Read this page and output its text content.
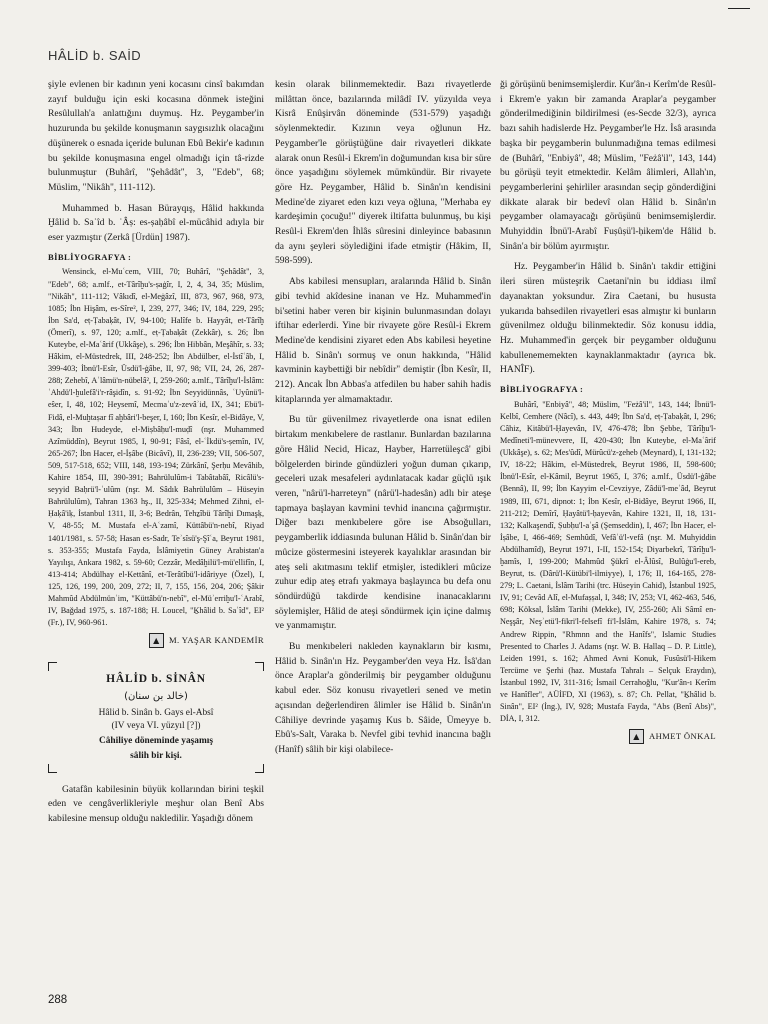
HÂLİD b. SAİD

şiyle evlenen bir kadının yeni kocasını cinsî bakımdan zayıf bulduğu için eski kocasına dönmek isteğini Resûlullah'a anlattığını duymuş. Hz. Peygamber'in huzurunda bu şekilde konuşmanın saygısızlık olacağını düşünerek o esnada içeride bulunan Ebû Bekir'e kadının bu şekilde konuşmasına engel olmadığı için tâ-rizde bulunmuştur (Buhârî, "Şehâdât", 3, "Edeb", 68; Müslim, "Nikâh", 111-112).

Muhammed b. Hasan Bürayqış, Hâlid hakkında Ḫâlid b. Saʿîd b. ʿÂṣ: es-ṣaḥâbî el-mücâhid adıyla bir eser yazmıştır (Zerkâ [Ürdün] 1987).

BİBLİYOGRAFYA :

Wensinck, el-Muʿcem, VIII, 70; Buhârî, "Şehâdât", 3, "Edeb", 68; a.mlf., et-Târîḫu's-ṣaġîr, I, 2, 4, 34, 35; Müslim, "Nikâh", 111-112; Vâkıdî, el-Meġâzî, III, 873, 967, 968, 973, 1085; İbn Hişâm, es-Sîre², I, 239, 277, 346; IV, 184, 229, 295; İbn Sa'd, eṭ-Ṭabaḳât, IV, 94-100; Halîfe b. Hayyât, et-Târîḫ (Ömerî), s. 97, 120; a.mlf., eṭ-Ṭabaḳât (Zekkâr), s. 26; İbn Kuteybe, el-Maʿârif (Ukkâşe), s. 296; İbn Hibbân, Meşâhîr, s. 33; Hâkim, el-Müstedrek, III, 248-252; İbn Abdülber, el-İstîʿâb, I, 399-403; İbnü'l-Esîr, Üsdü'l-ġâbe, II, 97, 98; VII, 24, 26, 287-288; Zehebî, Aʿlâmü'n-nübelâ², I, 259-260; a.mlf., Târîḫu'l-İslâm: ʿAhdü'l-ḫulefâ'i'r-râşidîn, s. 91-92; İbn Seyyidünnâs, ʿUyûnü'l-eŝer, I, 48, 102; Heysemî, Mecmaʿu'z-zevâʾid, IX, 341; Ebü'l-Fidâ, el-Muḫtaṣar fî aḫbâri'l-beşer, I, 160; İbn Kesîr, el-Bidâye, V, 343; İbn Hudeyde, el-Miṣbâḥu'l-muḍî (nşr. Muhammed Azîmüddîn), Beyrut 1985, I, 90-91; Fâsî, el-ʿİkdü's-ṣemîn, IV, 265-267; İbn Hacer, el-İṣâbe (Bicâvî), II, 236-239; VII, 506-507, 509, 517-518, 652; VIII, 148, 193-194; Zürkânî, Şerḥu Mevâhib, Kahire 1854, III, 390-391; Bahrülulûm-i Tabâtabâî, Ricâlü's-seyyid Baḥrü'l-ʿulûm (nşr. M. Sâdık Bahrülulûm – Hüseyin Bahrülulûm), Tahran 1363 hş., II, 325-334; Mehmed Zihni, el-Ḥaḳâ'iḳ, İstanbul 1311, II, 3-6; Bedrân, Tehẕîbü Târîḫi Dımaşḳ, V, 48-55; M. Mustafa el-Aʿzamî, Küttâbü'n-nebî, Riyad 1401/1981, s. 57-58; Hasan es-Sadr, Teʾsîsü'ş-Şîʿa, Beyrut 1981, s. 353-355; Mustafa Fayda, İslâmiyetin Güney Arabistan'a Yayılışı, Ankara 1982, s. 59-60; Cezzâr, Medâḫilü'l-mü'ellifîn, I, 413-414; Abdülhay el-Kettânî, et-Terâtîbü'l-idâriyye (Özel), I, 125, 126, 199, 200, 209, 272; II, 7, 155, 156, 204, 206; Şâkir Mahmûd Abdülmünʿim, "Küttâbü'n-nebî", el-Müʾerriḫu'l-ʿArabî, IV, Bağdad 1975, s. 187-188; H. Loucel, "Ḵhâlid b. Saʿîd", EI² (Fr.), IV, 960-961.

▲	M. YAŞAR KANDEMİR
HÂLİD b. SİNÂN
(خالد بن سنان)
Hâlid b. Sinân b. Gays el-Absî
(IV veya VI. yüzyıl [?])
Câhiliye döneminde yaşamış
sâlih bir kişi.

Gatafân kabilesinin büyük kollarından birini teşkil eden ve cengâverlikleriyle meşhur olan Benî Abs kabilesine mensup olduğu nakledilir. Yaşadığı dönem

kesin olarak bilinmemektedir. Bazı rivayetlerde milâttan önce, bazılarında milâdî IV. yüzyılda veya Kisrâ Enûşirvân döneminde (531-579) yaşadığı söylenmektedir. Kızının veya oğlunun Hz. Peygamber'le görüştüğüne dair rivayetleri dikkate alarak onun Resûl-i Ekrem'in doğumundan kısa bir süre önce yaşadığını söylemek mümkündür. Bir rivayete göre Hz. Peygamber, Hâlid b. Sinân'ın kendisini Medine'de ziyaret eden kızı veya oğluna, "Merhaba ey kardeşimin çocuğu!" diyerek iltifatta bulunmuş, bu kişi Resûl-i Ekrem'den İhlâs sûresini dinleyince babasının da aynı şeyleri söylediğini ifade etmiştir (Hâkim, II, 598-599).

Abs kabilesi mensupları, aralarında Hâlid b. Sinân gibi tevhid akîdesine inanan ve Hz. Muhammed'in bi'setini haber veren bir kişinin bulunmasından dolayı iftihar ederlerdi. Yine bir rivayete göre Resûl-i Ekrem Medine'de kendisini ziyaret eden Abs kabilesi heyetine Hâlid b. Sinân'ı sormuş ve onun hakkında, "Hâlid kavminin kaybettiği bir nebîdir" demiştir (İbn Kesîr, II, 212). Ancak İbn Abbas'a atfedilen bu haber sahih hadis kitaplarında yer almamaktadır.

Bu tür güvenilmez rivayetlerde ona isnat edilen birtakım menkıbelere de rastlanır. Bunlardan bazılarına göre Hâlid Necid, Hicaz, Hayber, Harretüleşcâ' gibi bölgelerden birinde gündüzleri yoğun duman çıkarıp, geceleri uzak mesafeleri aydınlatacak kadar güçlü ışık veren, "nârü'l-harreteyn" (nârü'l-hadesân) adlı bir ateşe tapmaya başlayan kavmini tevhid inancına çağırmıştır. Diğer bazı menkıbelere göre ise Absoğulları, peygamberlik iddiasında bulunan Hâlid b. Sinân'dan bir mûcize göstermesini isteyerek kayalıklar arasından bir ateş seli akıtmasını teklif etmişler, istedikleri mûcize zuhur edip ateş etrafı yakmaya başlayınca bu defa onu söndürdüğü takdirde kendisine inanacaklarını söylemişler, Hâlid de ateşi söndürmek için içine dalmış ve yanmamıştır.

Bu menkıbeleri nakleden kaynakların bir kısmı, Hâlid b. Sinân'ın Hz. Peygamber'den veya Hz. İsâ'dan önce Araplar'a gönderilmiş bir peygamber olduğunu kabul eder. Söz konusu rivayetleri sened ve metin açısından değerlendiren âlimler ise Hâlid b. Sinân'ın Câhiliye devrinde yaşamış Kus b. Sâide, Ümeyye b. Ebû's-Salt, Varaka b. Nevfel gibi tevhid inancına bağlı (Hanîf) sâlih bir kişi olabilece-

ği görüşünü benimsemişlerdir. Kur'ân-ı Kerîm'de Resûl-i Ekrem'e yakın bir zamanda Araplar'a peygamber gönderilmediğinin bildirilmesi (es-Secde 32/3), ayrıca bazı sahih hadislerde Hz. Peygamber'le Hz. İsâ arasında başka bir peygamberin bulunmadığına temas edilmesi de (Buhârî, "Enbiyâ", 48; Müslim, "Feżâ'il", 143, 144) bu görüşü teyit etmektedir. Kelâm âlimleri, Allah'ın, peygamberlerini şehirliler arasından seçip gönderdiğini dikkate alarak bir bedevî olan Hâlid b. Sinân'ın peygamber olamayacağı görüşünü benimsemişlerdir. Muhyiddin İbnü'l-Arabî Fuṣûṣü'l-ḥikem'de Hâlid b. Sinân'a bir bölüm ayırmıştır.

Hz. Peygamber'in Hâlid b. Sinân'ı takdir ettiğini ileri süren müsteşrik Caetani'nin bu iddiası ilmî dayanaktan yoksundur. Zira Caetani, bu hususta yukarıda bahsedilen rivayetleri esas almıştır ki bunların güvenilmez olduğu bilinmektedir. Söz konusu iddia, Hz. Muhammed'in gerçek bir peygamber olduğunu kabullenememekten kaynaklanmaktadır (ayrıca bk. HANÎF).

BİBLİYOGRAFYA :

Buhârî, "Enbiyâ", 48; Müslim, "Feżâ'il", 143, 144; İbnü'l-Kelbî, Cemhere (Nâcî), s. 443, 449; İbn Sa'd, eṭ-Ṭabaḳât, I, 296; Câhiz, Kitâbü'l-Ḥayevân, IV, 476-478; İbn Şebbe, Târîḫu'l-Medîneti'l-münevvere, II, 420-430; İbn Kuteybe, el-Maʿârif (Ukkâşe), s. 62; Mes'ûdî, Mürûcü'z-ẕeheb (Meynard), I, 131-132; IV, 18-22; Hâkim, el-Müstedrek, Beyrut 1986, II, 598-600; İbnü'l-Esîr, el-Kâmil, Beyrut 1965, I, 376; a.mlf., Üsdü'l-ġâbe (Bennâ), II, 99; İbn Kayyim el-Cevziyye, Zâdü'l-meʿâd, Beyrut 1989, III, 671, dipnot: 1; İbn Kesîr, el-Bidâye, Beyrut 1966, II, 211-212; Demîrî, Ḥayâtü'l-ḥayevân, Kahire 1321, II, 18, 131-132; Kalkaşendî, Ṣubḥu'l-aʿşâ (Şemseddin), I, 467; İbn Hacer, el-İṣâbe, I, 466-469; Semhûdî, Vefâʾü'l-vefâ (nşr. M. Muhyiddin Abdülhamîd), Beyrut 1971, I-II, 152-154; Diyarbekrî, Târîḫu'l-ḫamîs, I, 199-200; Mahmûd Şükrî el-Âlûsî, Bulûġu'l-ereb, Beyrut, ts. (Dârü'l-Kütübi'l-ilmiyye), I, 176; II, 164-165, 278-279; L. Caetani, İslâm Tarihi (trc. Hüseyin Cahid), İstanbul 1925, IV, 91; Cevâd Alî, el-Mufaṣṣal, I, 348; IV, 253; VI, 462-463, 546, 698; Köksal, İslâm Tarihi (Mekke), IV, 255-260; Ali Sâmî en-Neşşâr, Neşʾetü'l-fikri'l-felsefî fi'l-İslâm, Kahire 1978, s. 74; Andrew Rippin, "Rhmnn and the Hanîfs", Islamic Studies Presented to Charles J. Adams (nşr. W. B. Hallaq – D. P. Little), Leiden 1991, s. 162; Ahmed Avni Konuk, Fusûsü'l-Hikem Tercüme ve Şerhi (haz. Mustafa Tahralı – Selçuk Eraydın), İstanbul 1992, IV, 311-316; İsmail Cerrahoğlu, "Kur'ân-ı Kerîm ve Hanîfler", AÜİFD, XI (1963), s. 87; Ch. Pellat, "Ḵhâlid b. Sinân", EI² (İng.), IV, 928; Mustafa Fayda, "Abs (Benî Abs)", DİA, I, 312.

▲	AHMET ÖNKAL
288
